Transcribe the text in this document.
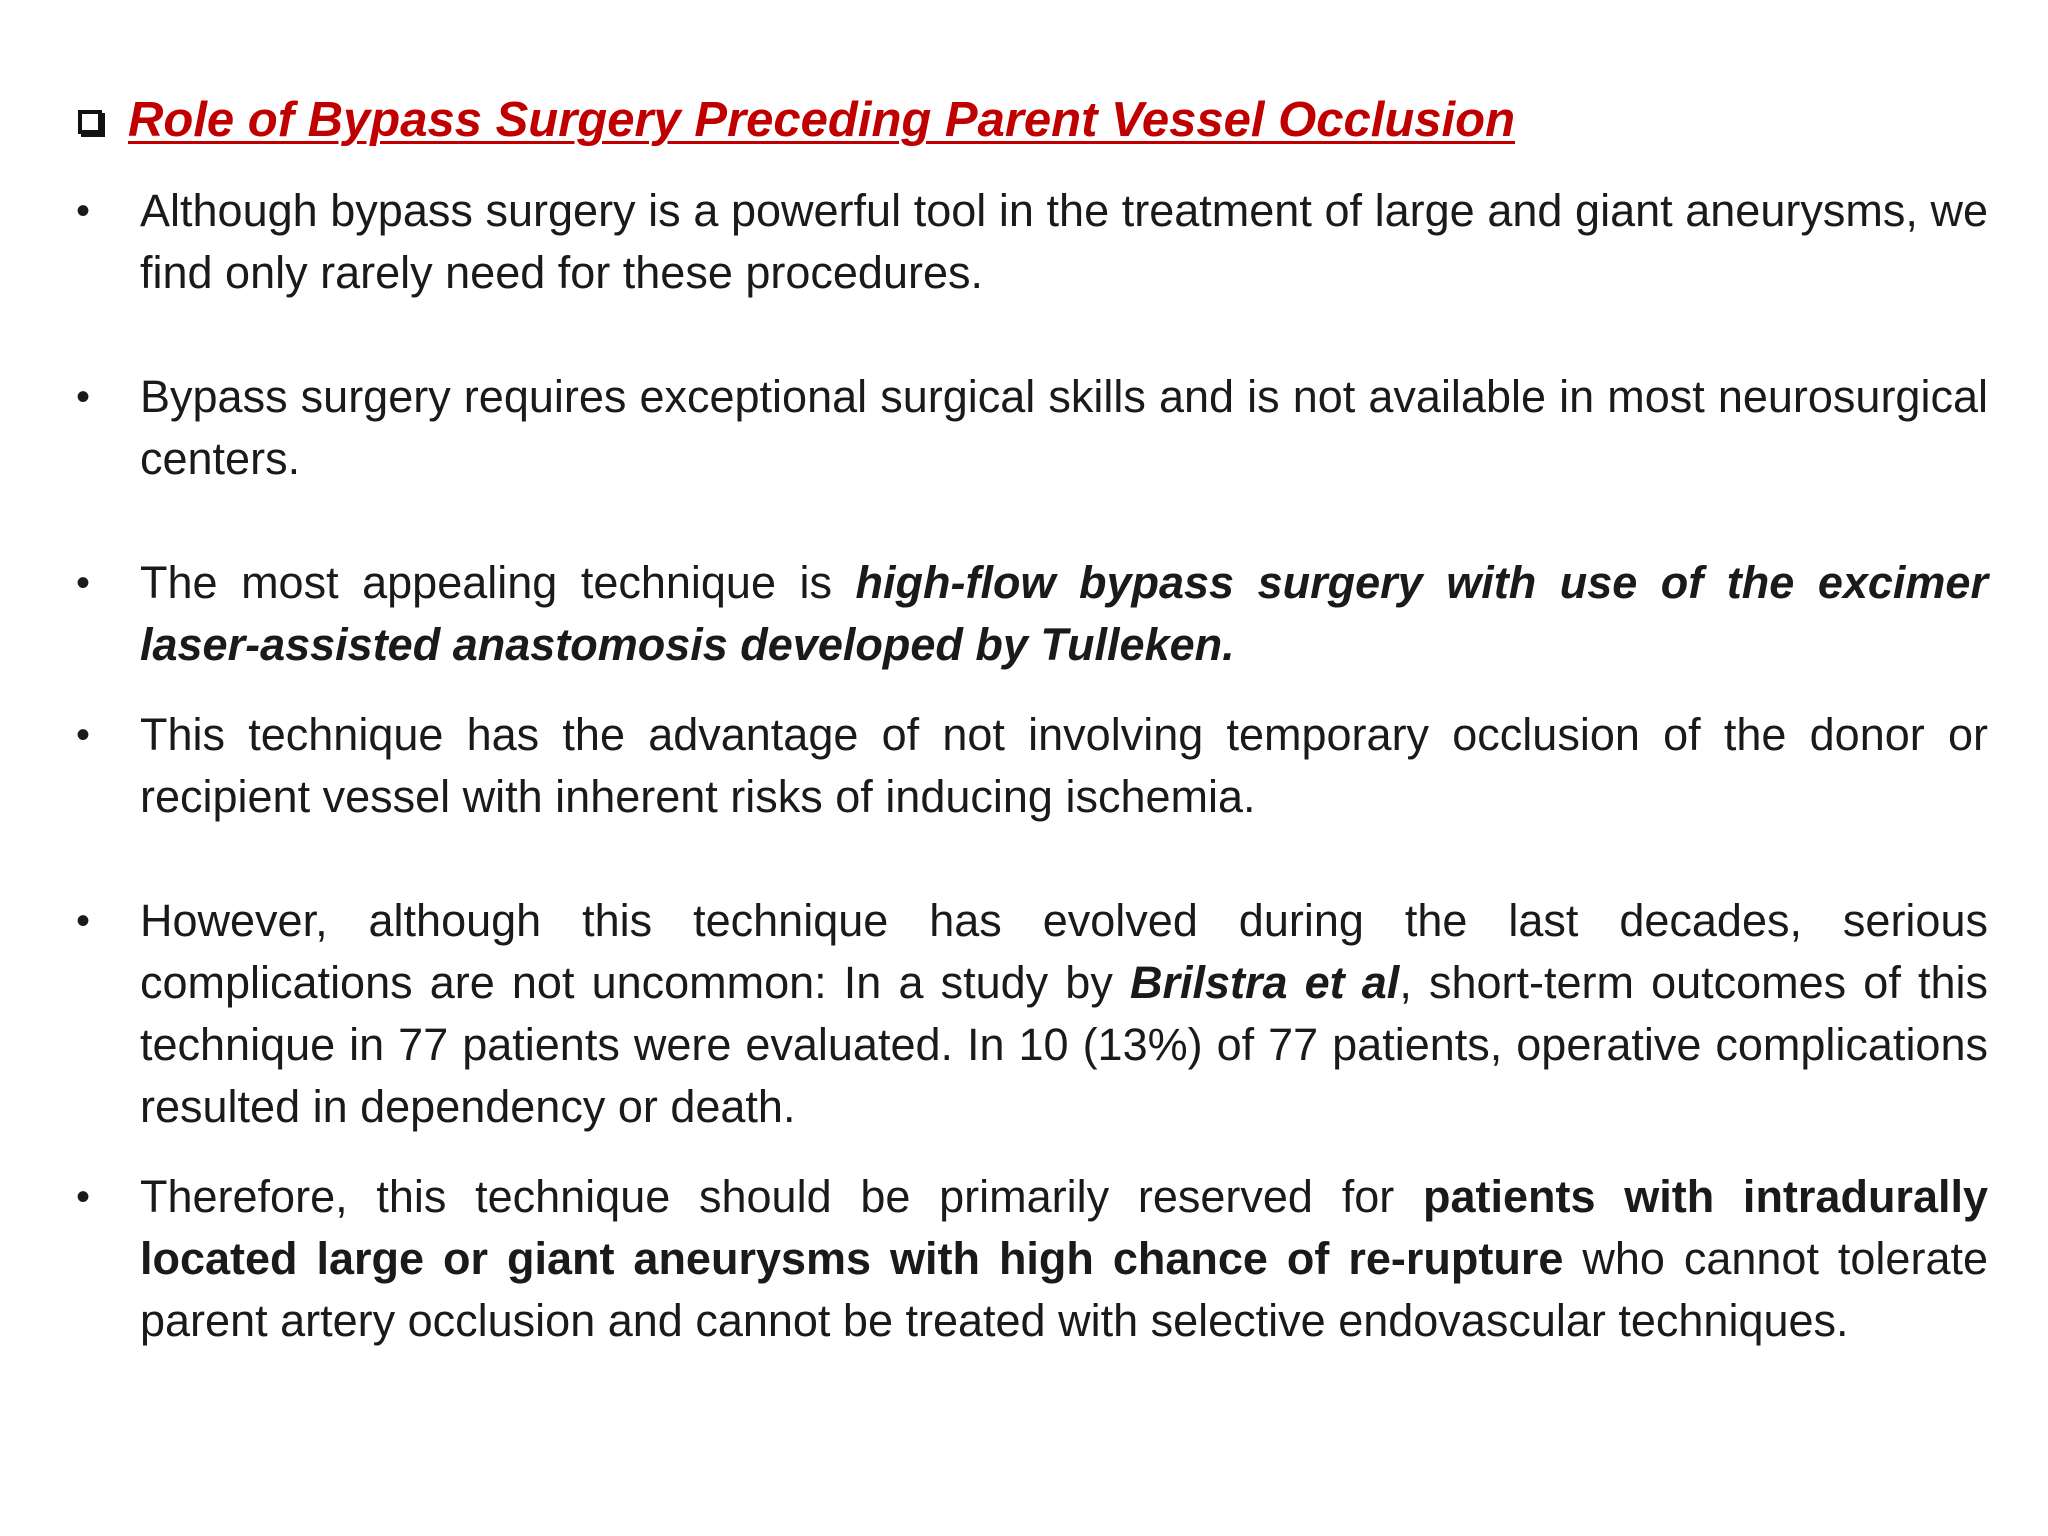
Role of Bypass Surgery Preceding Parent Vessel Occlusion
• Although bypass surgery is a powerful tool in the treatment of large and giant aneurysms, we find only rarely need for these procedures.
• Bypass surgery requires exceptional surgical skills and is not available in most neurosurgical centers.
• The most appealing technique is high-flow bypass surgery with use of the excimer laser-assisted anastomosis developed by Tulleken.
• This technique has the advantage of not involving temporary occlusion of the donor or recipient vessel with inherent risks of inducing ischemia.
• However, although this technique has evolved during the last decades, serious complications are not uncommon: In a study by Brilstra et al, short-term outcomes of this technique in 77 patients were evaluated. In 10 (13%) of 77 patients, operative complications resulted in dependency or death.
• Therefore, this technique should be primarily reserved for patients with intradurally located large or giant aneurysms with high chance of re-rupture who cannot tolerate parent artery occlusion and cannot be treated with selective endovascular techniques.
